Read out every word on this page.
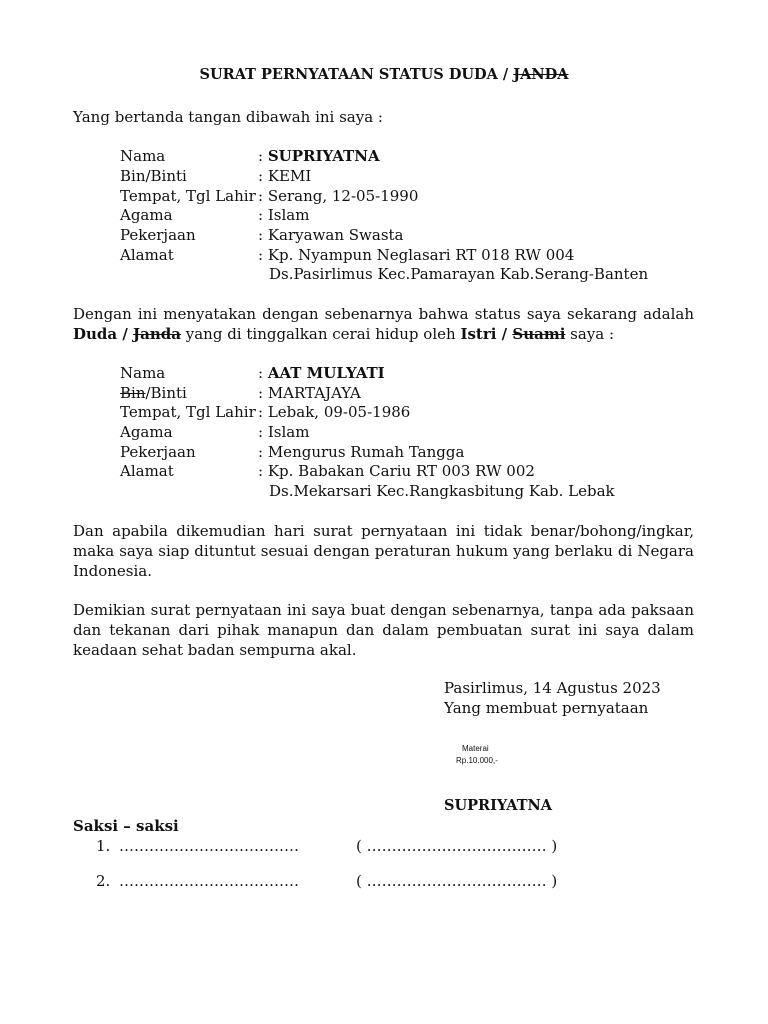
SURAT PERNYATAAN STATUS DUDA / JANDA
Yang bertanda tangan dibawah ini saya :
Nama	: SUPRIYATNA
Bin/Binti	: KEMI
Tempat, Tgl Lahir : Serang, 12-05-1990
Agama	: Islam
Pekerjaan	: Karyawan Swasta
Alamat	: Kp. Nyampun Neglasari RT 018 RW 004
Ds.Pasirlimus Kec.Pamarayan Kab.Serang-Banten
Dengan ini menyatakan dengan sebenarnya bahwa status saya sekarang adalah
Duda / Janda yang di tinggalkan cerai hidup oleh Istri / Suami saya :
Nama	: AAT MULYATI
Bin/Binti	: MARTAJAYA
Tempat, Tgl Lahir : Lebak, 09-05-1986
Agama	: Islam
Pekerjaan	: Mengurus Rumah Tangga
Alamat	: Kp. Babakan Cariu RT 003 RW 002
Ds.Mekarsari Kec.Rangkasbitung Kab. Lebak
Dan apabila dikemudian hari surat pernyataan ini tidak benar/bohong/ingkar,
maka saya siap dituntut sesuai dengan peraturan hukum yang berlaku di Negara
Indonesia.
Demikian surat pernyataan ini saya buat dengan sebenarnya, tanpa ada paksaan
dan tekanan dari pihak manapun dan dalam pembuatan surat ini saya dalam
keadaan sehat badan sempurna akal.
Pasirlimus, 14 Agustus 2023
Yang membuat pernyataan
Materai
Rp.10.000,-
SUPRIYATNA
Saksi – saksi
1. ………………………………	( ……………………………… )
2. ………………………………	( ……………………………… )
